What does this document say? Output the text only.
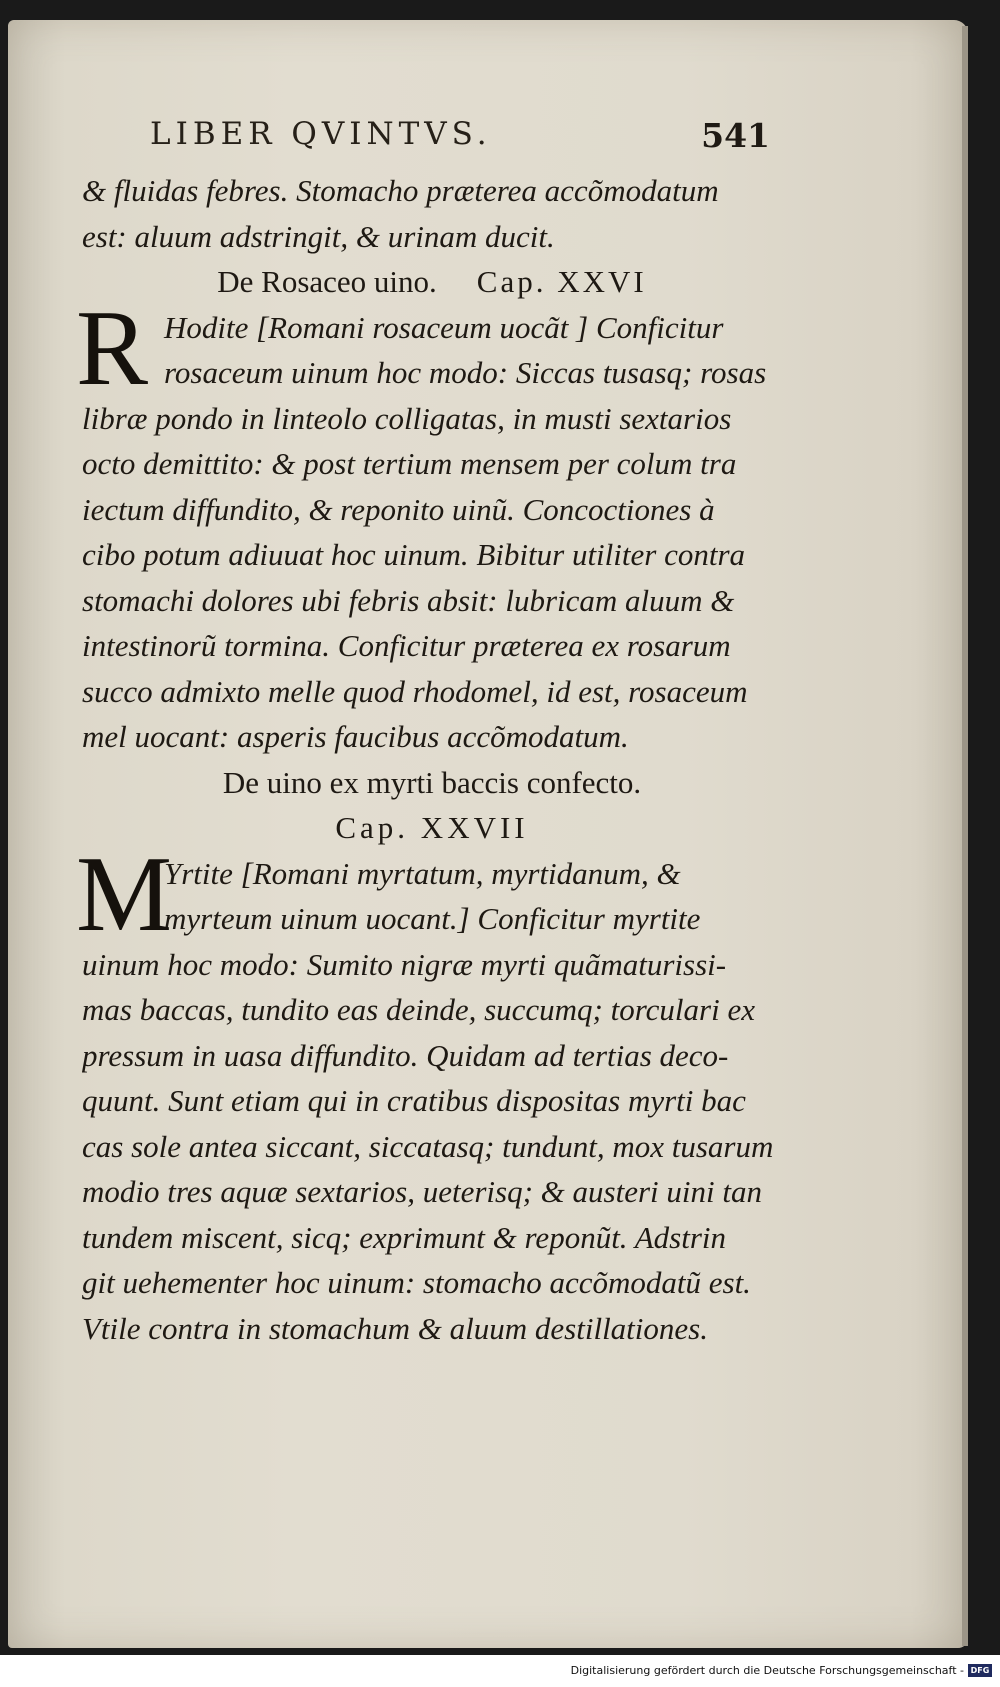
LIBER QVINTVS.	541
& fluidas febres. Stomacho præterea accõmodatum
est: aluum adstringit, & urinam ducit.
De Rosaceo uino. Cap. XXVI
R Hodite [Romani rosaceum uocãt ] Conficitur
rosaceum uinum hoc modo: Siccas tusasq; rosas
libræ pondo in linteolo colligatas, in musti sextarios
octo demittito: & post tertium mensem per colum tra
iectum diffundito, & reponito uinũ. Concoctiones à
cibo potum adiuuat hoc uinum. Bibitur utiliter contra
stomachi dolores ubi febris absit: lubricam aluum &
intestinorũ tormina. Conficitur præterea ex rosarum
succo admixto melle quod rhodomel, id est, rosaceum
mel uocant: asperis faucibus accõmodatum.
De uino ex myrti baccis confecto.
Cap. XXVII
M
Yrtite [Romani myrtatum, myrtidanum, &
myrteum uinum uocant.] Conficitur myrtite
uinum hoc modo: Sumito nigræ myrti quãmaturissi-
mas baccas, tundito eas deinde, succumq; torculari ex
pressum in uasa diffundito. Quidam ad tertias deco-
quunt. Sunt etiam qui in cratibus dispositas myrti bac
cas sole antea siccant, siccatasq; tundunt, mox tusarum
modio tres aquæ sextarios, ueterisq; & austeri uini tan
tundem miscent, sicq; exprimunt & reponũt. Adstrin
git uehementer hoc uinum: stomacho accõmodatũ est.
Vtile contra in stomachum & aluum destillationes.
Digitalisierung gefördert durch die Deutsche Forschungsgemeinschaft - DFG
